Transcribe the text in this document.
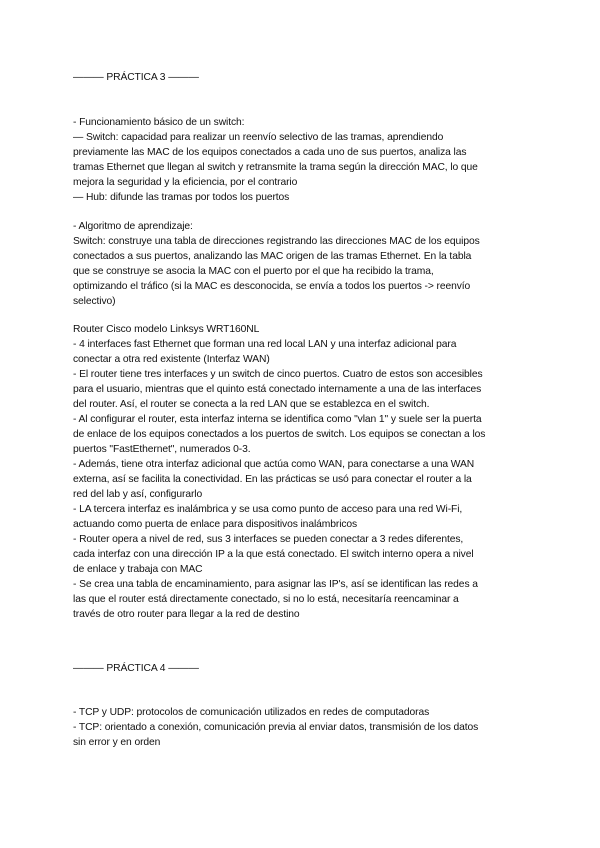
——— PRÁCTICA 3 ———
- Funcionamiento básico de un switch:
— Switch: capacidad para realizar un reenvío selectivo de las tramas, aprendiendo
previamente las MAC de los equipos conectados a cada uno de sus puertos, analiza las
tramas Ethernet que llegan al switch y retransmite la trama según la dirección MAC, lo que
mejora la seguridad y la eficiencia, por el contrario
— Hub: difunde las tramas por todos los puertos
- Algoritmo de aprendizaje:
Switch: construye una tabla de direcciones registrando las direcciones MAC de los equipos
conectados a sus puertos, analizando las MAC origen de las tramas Ethernet. En la tabla
que se construye se asocia la MAC con el puerto por el que ha recibido la trama,
optimizando el tráfico (si la MAC es desconocida, se envía a todos los puertos -> reenvío
selectivo)
Router Cisco modelo Linksys WRT160NL
- 4 interfaces fast Ethernet que forman una red local LAN y una interfaz adicional para
conectar a otra red existente (Interfaz WAN)
- El router tiene tres interfaces y un switch de cinco puertos. Cuatro de estos son accesibles
para el usuario, mientras que el quinto está conectado internamente a una de las interfaces
del router. Así, el router se conecta a la red LAN que se establezca en el switch.
- Al configurar el router, esta interfaz interna se identifica como "vlan 1" y suele ser la puerta
de enlace de los equipos conectados a los puertos de switch. Los equipos se conectan a los
puertos "FastEthernet", numerados 0-3.
- Además, tiene otra interfaz adicional que actúa como WAN, para conectarse a una WAN
externa, así se facilita la conectividad. En las prácticas se usó para conectar el router a la
red del lab y así, configurarlo
- LA tercera interfaz es inalámbrica y se usa como punto de acceso para una red Wi-Fi,
actuando como puerta de enlace para dispositivos inalámbricos
- Router opera a nivel de red, sus 3 interfaces se pueden conectar a 3 redes diferentes,
cada interfaz con una dirección IP a la que está conectado. El switch interno opera a nivel
de enlace y trabaja con MAC
- Se crea una tabla de encaminamiento, para asignar las IP's, así se identifican las redes a
las que el router está directamente conectado, si no lo está, necesitaría reencaminar a
través de otro router para llegar a la red de destino
——— PRÁCTICA 4 ———
- TCP y UDP: protocolos de comunicación utilizados en redes de computadoras
- TCP: orientado a conexión, comunicación previa al enviar datos, transmisión de los datos
sin error y en orden
